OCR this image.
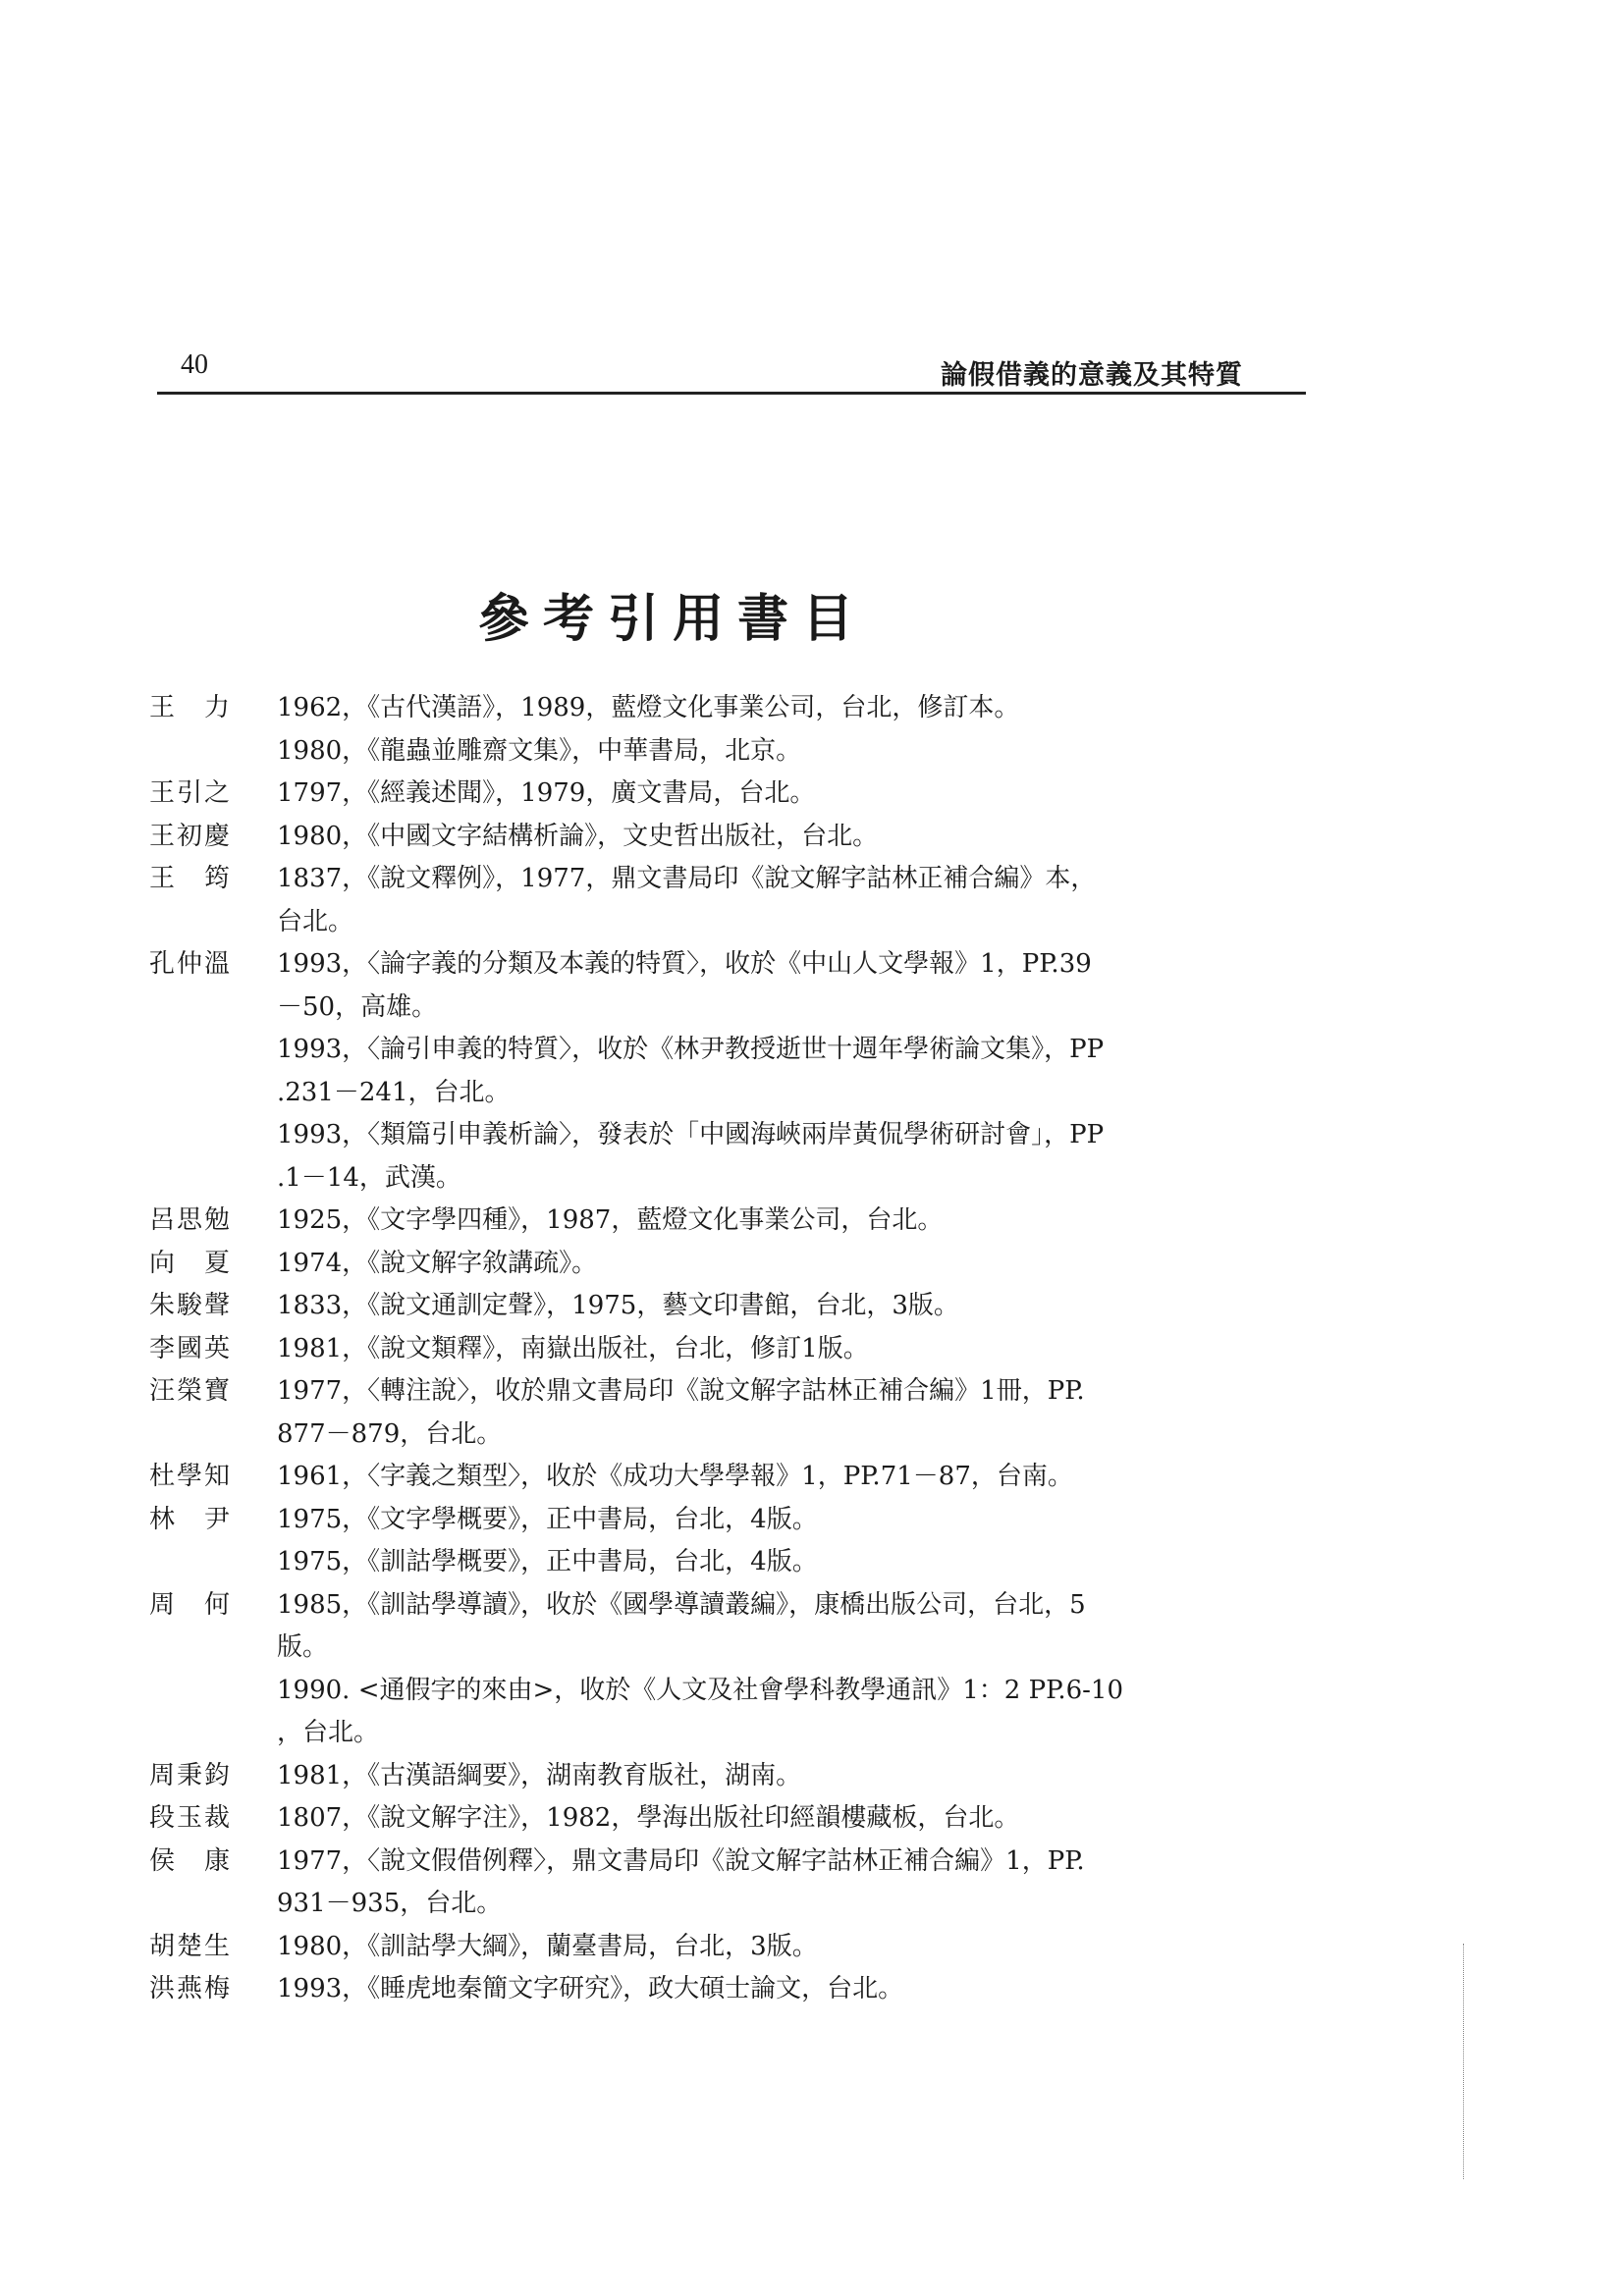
40	論假借義的意義及其特質
參考引用書目
王　力	1962，《古代漢語》，1989，藍燈文化事業公司，台北，修訂本。
1980，《龍蟲並雕齋文集》，中華書局，北京。
王引之	1797，《經義述聞》，1979，廣文書局，台北。
王初慶	1980，《中國文字結構析論》，文史哲出版社，台北。
王　筠	1837，《說文釋例》，1977，鼎文書局印《說文解字詁林正補合編》本，
台北。
孔仲溫	1993，〈論字義的分類及本義的特質〉，收於《中山人文學報》1，PP.39
－50，高雄。
1993，〈論引申義的特質〉，收於《林尹教授逝世十週年學術論文集》，PP
.231－241，台北。
1993，〈類篇引申義析論〉，發表於「中國海峽兩岸黃侃學術研討會」，PP
.1－14，武漢。
呂思勉	1925，《文字學四種》，1987，藍燈文化事業公司，台北。
向　夏	1974，《說文解字敘講疏》。
朱駿聲	1833，《說文通訓定聲》，1975，藝文印書館，台北，3版。
李國英	1981，《說文類釋》，南嶽出版社，台北，修訂1版。
汪榮寶	1977，〈轉注說〉，收於鼎文書局印《說文解字詁林正補合編》1冊，PP.
877－879，台北。
杜學知	1961，〈字義之類型〉，收於《成功大學學報》1，PP.71－87，台南。
林　尹	1975，《文字學概要》，正中書局，台北，4版。
1975，《訓詁學概要》，正中書局，台北，4版。
周　何	1985，《訓詁學導讀》，收於《國學導讀叢編》，康橋出版公司，台北，5
版。
1990. <通假字的來由>，收於《人文及社會學科教學通訊》1：2 PP.6-10
，台北。
周秉鈞	1981，《古漢語綱要》，湖南教育版社，湖南。
段玉裁	1807，《說文解字注》，1982，學海出版社印經韻樓藏板，台北。
侯　康	1977，〈說文假借例釋〉，鼎文書局印《說文解字詁林正補合編》1，PP.
931－935，台北。
胡楚生	1980，《訓詁學大綱》，蘭臺書局，台北，3版。
洪燕梅	1993，《睡虎地秦簡文字研究》，政大碩士論文，台北。
